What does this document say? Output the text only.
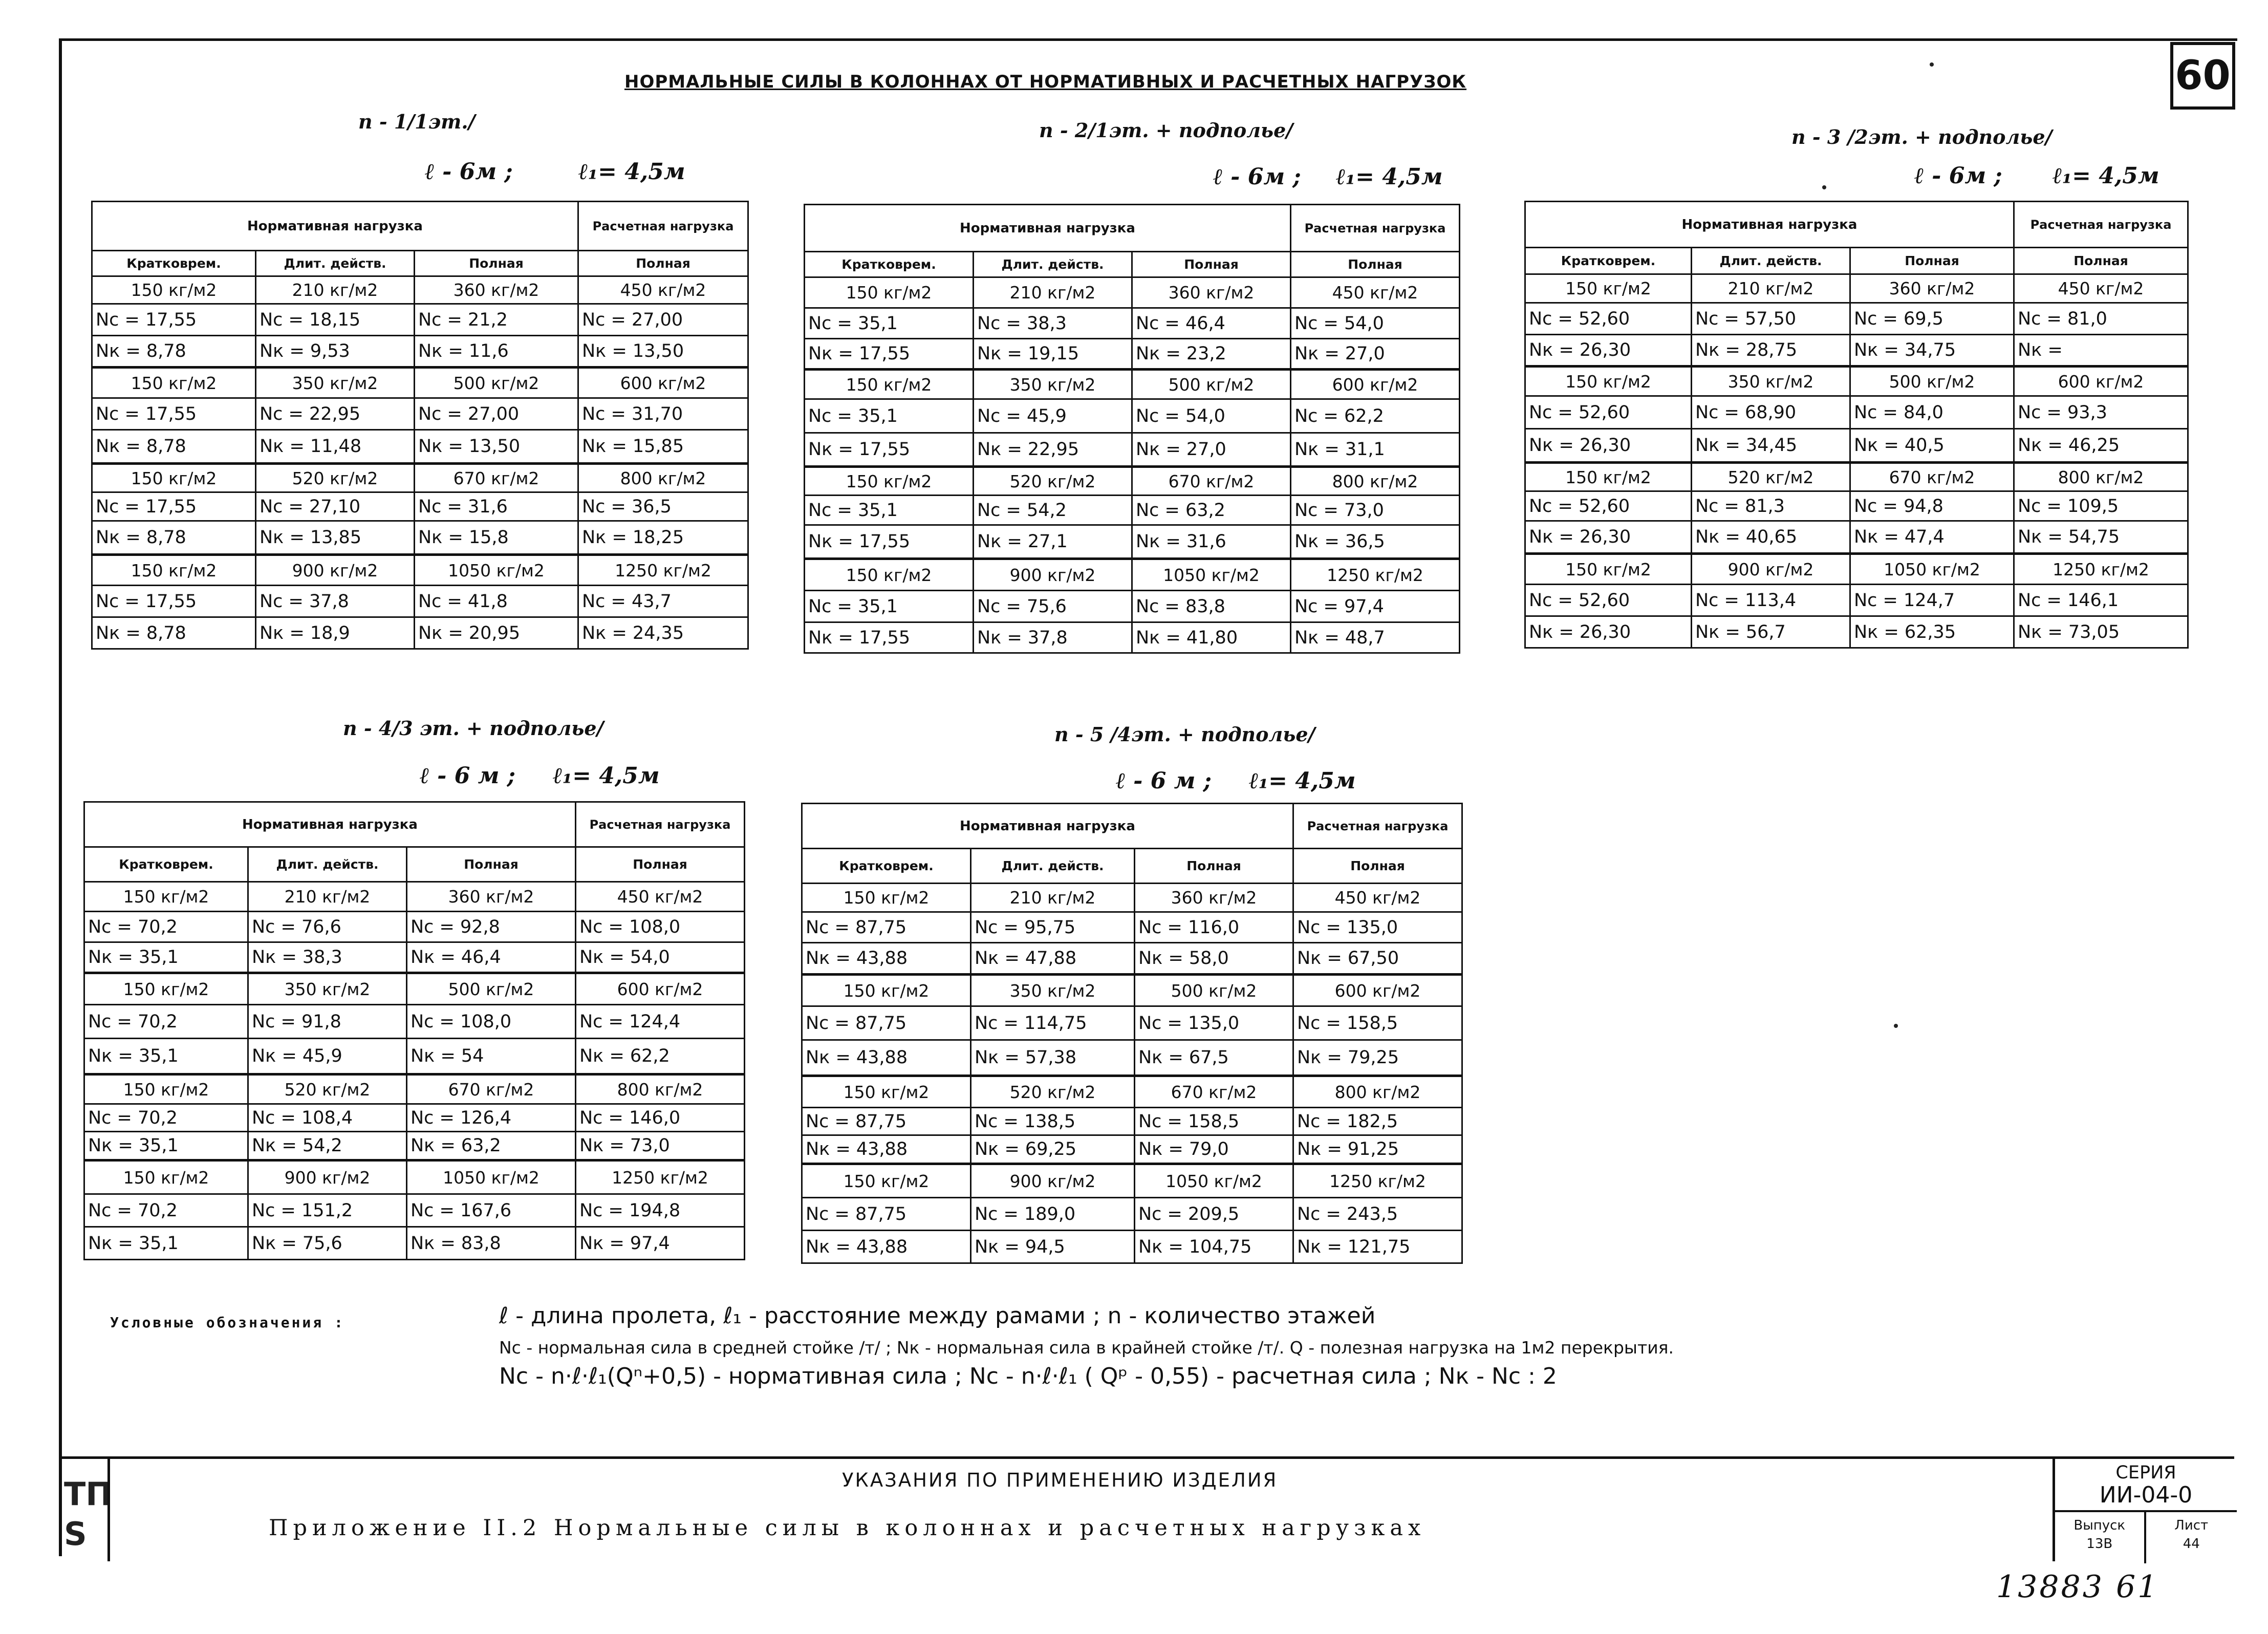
60
НОРМАЛЬНЫЕ СИЛЫ В КОЛОННАХ ОТ НОРМАТИВНЫХ И РАСЧЕТНЫХ НАГРУЗОК
n - 1/1эт./
ℓ - 6м ;	ℓ₁= 4,5м
n - 2/1эт. + подполье/
ℓ - 6м ; ℓ₁= 4,5м
n - 3 /2эт. + подполье/
ℓ - 6м ; ℓ₁= 4,5м
n - 4/3 эт. + подполье/
ℓ - 6 м ; ℓ₁= 4,5м
n - 5 /4эт. + подполье/
ℓ - 6 м ; ℓ₁= 4,5м
Нормативная нагрузка			Расчетная нагрузка
Кратковрем.	Длит. действ.	Полная	Полная
150 кг/м2	210 кг/м2	360 кг/м2	450 кг/м2
Nс = 17,55	Nс = 18,15	Nс = 21,2	Nс = 27,00
Nк = 8,78	Nк = 9,53	Nк = 11,6	Nк = 13,50
150 кг/м2	350 кг/м2	500 кг/м2	600 кг/м2
Nс = 17,55	Nс = 22,95	Nс = 27,00	Nс = 31,70
Nк = 8,78	Nк = 11,48	Nк = 13,50	Nк = 15,85
150 кг/м2	520 кг/м2	670 кг/м2	800 кг/м2
Nс = 17,55	Nс = 27,10	Nс = 31,6	Nс = 36,5
Nк = 8,78	Nк = 13,85	Nк = 15,8	Nк = 18,25
150 кг/м2	900 кг/м2	1050 кг/м2	1250 кг/м2
Nс = 17,55	Nс = 37,8	Nс = 41,8	Nс = 43,7
Nк = 8,78	Nк = 18,9	Nк = 20,95	Nк = 24,35
Нормативная нагрузка			Расчетная нагрузка
Кратковрем.	Длит. действ.	Полная	Полная
150 кг/м2	210 кг/м2	360 кг/м2	450 кг/м2
Nс = 35,1	Nс = 38,3	Nс = 46,4	Nс = 54,0
Nк = 17,55	Nк = 19,15	Nк = 23,2	Nк = 27,0
150 кг/м2	350 кг/м2	500 кг/м2	600 кг/м2
Nс = 35,1	Nс = 45,9	Nс = 54,0	Nс = 62,2
Nк = 17,55	Nк = 22,95	Nк = 27,0	Nк = 31,1
150 кг/м2	520 кг/м2	670 кг/м2	800 кг/м2
Nс = 35,1	Nс = 54,2	Nс = 63,2	Nс = 73,0
Nк = 17,55	Nк = 27,1	Nк = 31,6	Nк = 36,5
150 кг/м2	900 кг/м2	1050 кг/м2	1250 кг/м2
Nс = 35,1	Nс = 75,6	Nс = 83,8	Nс = 97,4
Nк = 17,55	Nк = 37,8	Nк = 41,80	Nк = 48,7
Нормативная нагрузка			Расчетная нагрузка
Кратковрем.	Длит. действ.	Полная	Полная
150 кг/м2	210 кг/м2	360 кг/м2	450 кг/м2
Nс = 52,60	Nс = 57,50	Nс = 69,5	Nс = 81,0
Nк = 26,30	Nк = 28,75	Nк = 34,75	Nк =
150 кг/м2	350 кг/м2	500 кг/м2	600 кг/м2
Nс = 52,60	Nс = 68,90	Nс = 84,0	Nс = 93,3
Nк = 26,30	Nк = 34,45	Nк = 40,5	Nк = 46,25
150 кг/м2	520 кг/м2	670 кг/м2	800 кг/м2
Nс = 52,60	Nс = 81,3	Nс = 94,8	Nс = 109,5
Nк = 26,30	Nк = 40,65	Nк = 47,4	Nк = 54,75
150 кг/м2	900 кг/м2	1050 кг/м2	1250 кг/м2
Nс = 52,60	Nс = 113,4	Nс = 124,7	Nс = 146,1
Nк = 26,30	Nк = 56,7	Nк = 62,35	Nк = 73,05
Нормативная нагрузка			Расчетная нагрузка
Кратковрем.	Длит. действ.	Полная	Полная
150 кг/м2	210 кг/м2	360 кг/м2	450 кг/м2
Nс = 70,2	Nс = 76,6	Nс = 92,8	Nс = 108,0
Nк = 35,1	Nк = 38,3	Nк = 46,4	Nк = 54,0
150 кг/м2	350 кг/м2	500 кг/м2	600 кг/м2
Nс = 70,2	Nс = 91,8	Nс = 108,0	Nс = 124,4
Nк = 35,1	Nк = 45,9	Nк = 54	Nк = 62,2
150 кг/м2	520 кг/м2	670 кг/м2	800 кг/м2
Nс = 70,2	Nс = 108,4	Nс = 126,4	Nс = 146,0
Nк = 35,1	Nк = 54,2	Nк = 63,2	Nк = 73,0
150 кг/м2	900 кг/м2	1050 кг/м2	1250 кг/м2
Nс = 70,2	Nс = 151,2	Nс = 167,6	Nс = 194,8
Nк = 35,1	Nк = 75,6	Nк = 83,8	Nк = 97,4
Нормативная нагрузка			Расчетная нагрузка
Кратковрем.	Длит. действ.	Полная	Полная
150 кг/м2	210 кг/м2	360 кг/м2	450 кг/м2
Nс = 87,75	Nс = 95,75	Nс = 116,0	Nс = 135,0
Nк = 43,88	Nк = 47,88	Nк = 58,0	Nк = 67,50
150 кг/м2	350 кг/м2	500 кг/м2	600 кг/м2
Nс = 87,75	Nс = 114,75	Nс = 135,0	Nс = 158,5
Nк = 43,88	Nк = 57,38	Nк = 67,5	Nк = 79,25
150 кг/м2	520 кг/м2	670 кг/м2	800 кг/м2
Nс = 87,75	Nс = 138,5	Nс = 158,5	Nс = 182,5
Nк = 43,88	Nк = 69,25	Nк = 79,0	Nк = 91,25
150 кг/м2	900 кг/м2	1050 кг/м2	1250 кг/м2
Nс = 87,75	Nс = 189,0	Nс = 209,5	Nс = 243,5
Nк = 43,88	Nк = 94,5	Nк = 104,75	Nк = 121,75
Условные обозначения :	ℓ - длина пролета, ℓ₁ - расстояние между рамами ; n - количество этажей
Nс - нормальная сила в средней стойке /т/ ; Nк - нормальная сила в крайней стойке /т/. Q - полезная нагрузка на 1м2 перекрытия.
Nс - n·ℓ·ℓ₁(Qⁿ+0,5) - нормативная сила ; Nс - n·ℓ·ℓ₁ ( Qᵖ - 0,55) - расчетная сила ; Nк - Nс : 2
ТП
S
УКАЗАНИЯ ПО ПРИМЕНЕНИЮ ИЗДЕЛИЯ
Приложение II.2 Нормальные силы в колоннах и расчетных нагрузках
СЕРИЯ
ИИ-04-0
Выпуск
13В
Лист
44
13883 61
